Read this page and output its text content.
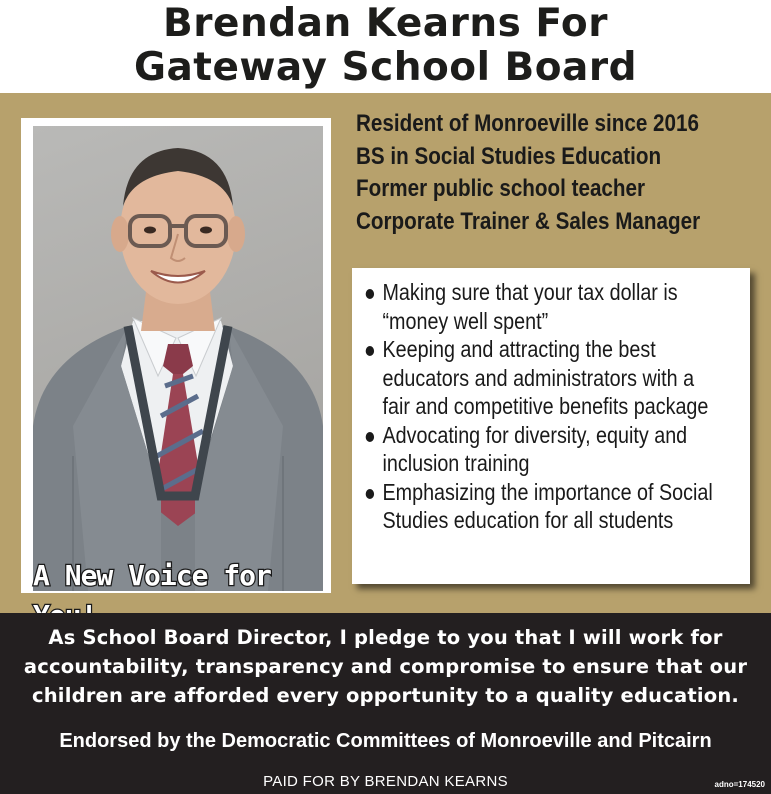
Brendan Kearns For
Gateway School Board
A New Voice for
Resident of Monroeville since 2016
BS in Social Studies Education
Former public school teacher
Corporate Trainer & Sales Manager
Making sure that your tax dollar is “money well spent”
Keeping and attracting the best educators and administrators with a fair and competitive benefits package
Advocating for diversity, equity and inclusion training
Emphasizing the importance of Social Studies education for all students
As School Board Director, I pledge to you that I will work for accountability, transparency and compromise to ensure that our children are afforded every opportunity to a quality education.
Endorsed by the Democratic Committees of Monroeville and Pitcairn
PAID FOR BY BRENDAN KEARNS	adno=174520
